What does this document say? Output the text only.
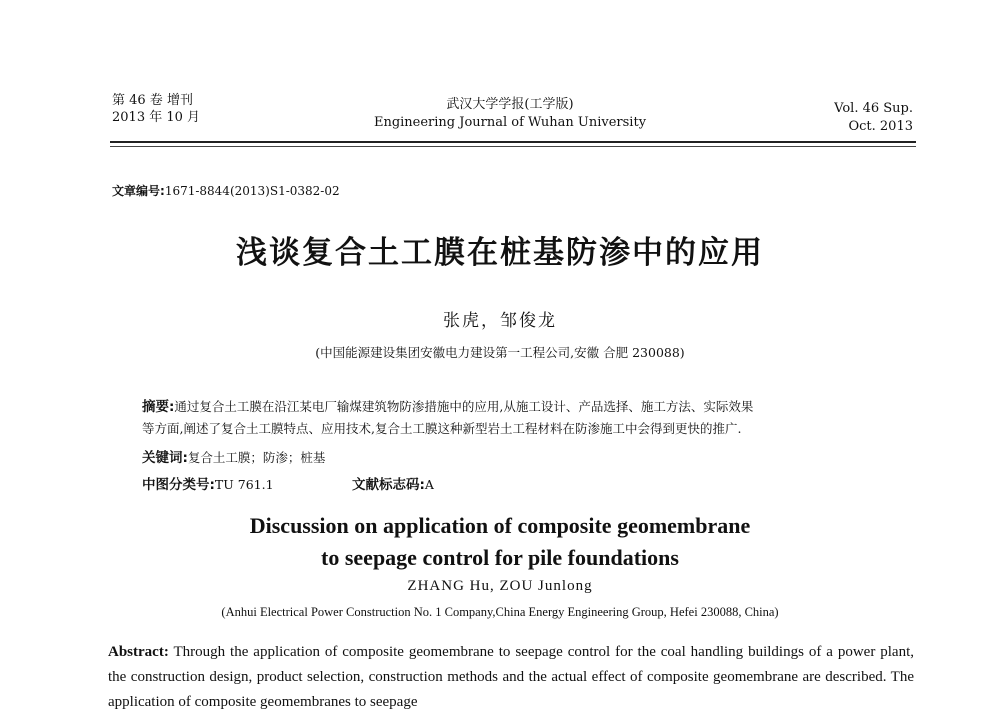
第 46 卷 增刊
2013 年 10 月
武汉大学学报(工学版)
Engineering Journal of Wuhan University
Vol. 46 Sup.
Oct. 2013
文章编号:1671-8844(2013)S1-0382-02
浅谈复合土工膜在桩基防渗中的应用
张虎，邹俊龙
(中国能源建设集团安徽电力建设第一工程公司,安徽 合肥 230088)
摘要:通过复合土工膜在沿江某电厂输煤建筑物防渗措施中的应用,从施工设计、产品选择、施工方法、实际效果
等方面,阐述了复合土工膜特点、应用技术,复合土工膜这种新型岩土工程材料在防渗施工中会得到更快的推广.
关键词:复合土工膜；防渗；桩基
中图分类号:TU 761.1	文献标志码:A
Discussion on application of composite geomembrane
to seepage control for pile foundations
ZHANG Hu, ZOU Junlong
(Anhui Electrical Power Construction No. 1 Company,China Energy Engineering Group, Hefei 230088, China)
Abstract: Through the application of composite geomembrane to seepage control for the coal handling buildings of a power plant, the construction design, product selection, construction methods and the actual effect of composite geomembrane are described. The application of composite geomembranes to seepage
